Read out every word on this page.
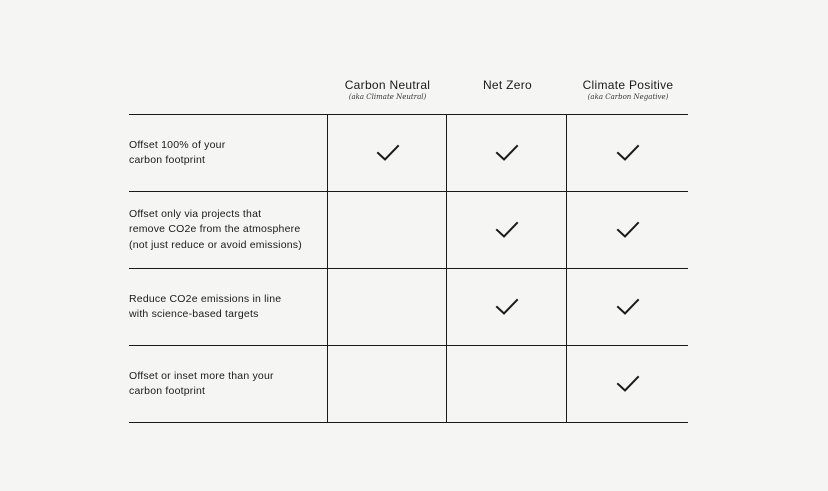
Carbon Neutral
(aka Climate Neutral)
Net Zero	Climate Positive
(aka Carbon Negative)
Offset 100% of your
carbon footprint
Offset only via projects that
remove CO2e from the atmosphere
(not just reduce or avoid emissions)
Reduce CO2e emissions in line
with science-based targets
Offset or inset more than your
carbon footprint
